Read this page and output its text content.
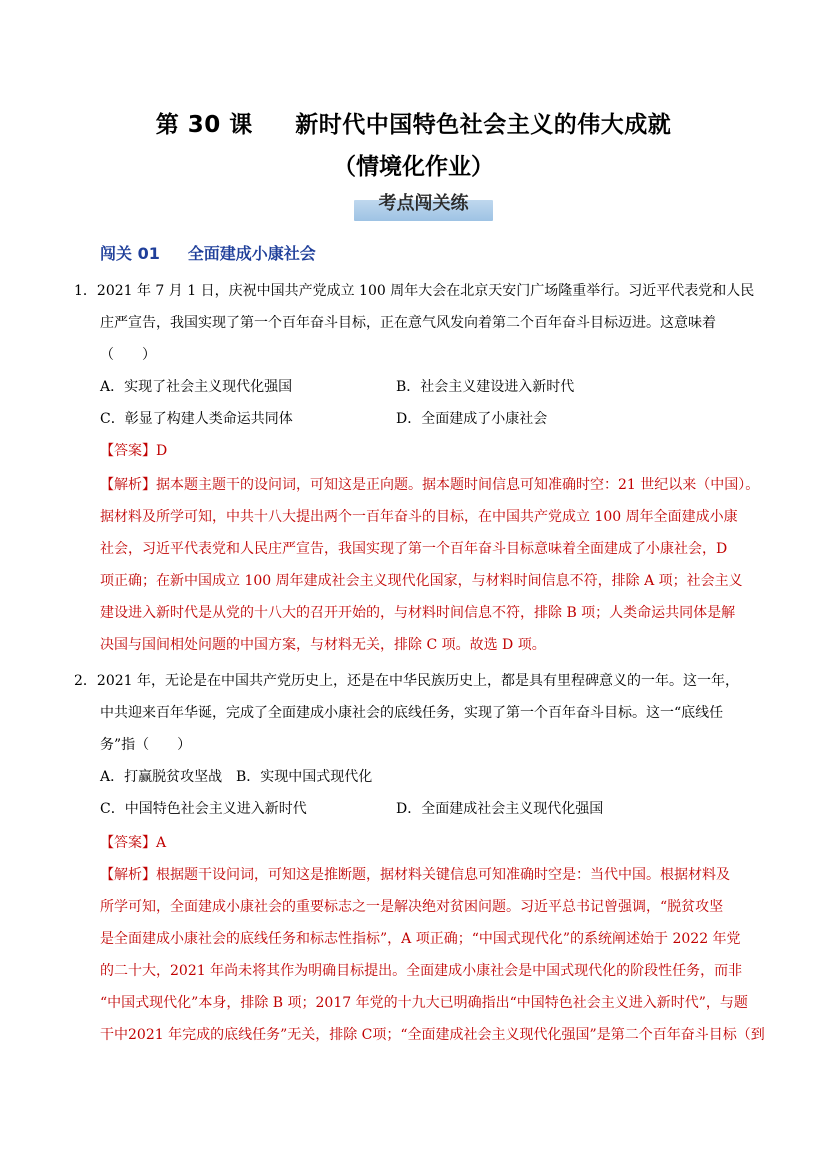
第 30 课     新时代中国特色社会主义的伟大成就
（情境化作业）
考点闯关练
闯关 01     全面建成小康社会
1．2021 年 7 月 1 日，庆祝中国共产党成立 100 周年大会在北京天安门广场隆重举行。习近平代表党和人民
庄严宣告，我国实现了第一个百年奋斗目标，正在意气风发向着第二个百年奋斗目标迈进。这意味着
（　　）
A．实现了社会主义现代化强国	B．社会主义建设进入新时代
C．彰显了构建人类命运共同体	D．全面建成了小康社会
【答案】D
【解析】据本题主题干的设问词，可知这是正向题。据本题时间信息可知准确时空：21 世纪以来（中国）。
据材料及所学可知，中共十八大提出两个一百年奋斗的目标，在中国共产党成立 100 周年全面建成小康
社会，习近平代表党和人民庄严宣告，我国实现了第一个百年奋斗目标意味着全面建成了小康社会，D
项正确；在新中国成立 100 周年建成社会主义现代化国家，与材料时间信息不符，排除 A 项；社会主义
建设进入新时代是从党的十八大的召开开始的，与材料时间信息不符，排除 B 项；人类命运共同体是解
决国与国间相处问题的中国方案，与材料无关，排除 C 项。故选 D 项。
2．2021 年，无论是在中国共产党历史上，还是在中华民族历史上，都是具有里程碑意义的一年。这一年，
中共迎来百年华诞，完成了全面建成小康社会的底线任务，实现了第一个百年奋斗目标。这一“底线任
务”指（　　）
A．打赢脱贫攻坚战 B．实现中国式现代化
C．中国特色社会主义进入新时代	D．全面建成社会主义现代化强国
【答案】A
【解析】根据题干设问词，可知这是推断题，据材料关键信息可知准确时空是：当代中国。根据材料及
所学可知，全面建成小康社会的重要标志之一是解决绝对贫困问题。习近平总书记曾强调，“脱贫攻坚
是全面建成小康社会的底线任务和标志性指标”，A 项正确；“中国式现代化”的系统阐述始于 2022 年党
的二十大，2021 年尚未将其作为明确目标提出。全面建成小康社会是中国式现代化的阶段性任务，而非
“中国式现代化”本身，排除 B 项；2017 年党的十九大已明确指出“中国特色社会主义进入新时代”，与题
干中2021 年完成的底线任务”无关，排除 C项；“全面建成社会主义现代化强国”是第二个百年奋斗目标（到
